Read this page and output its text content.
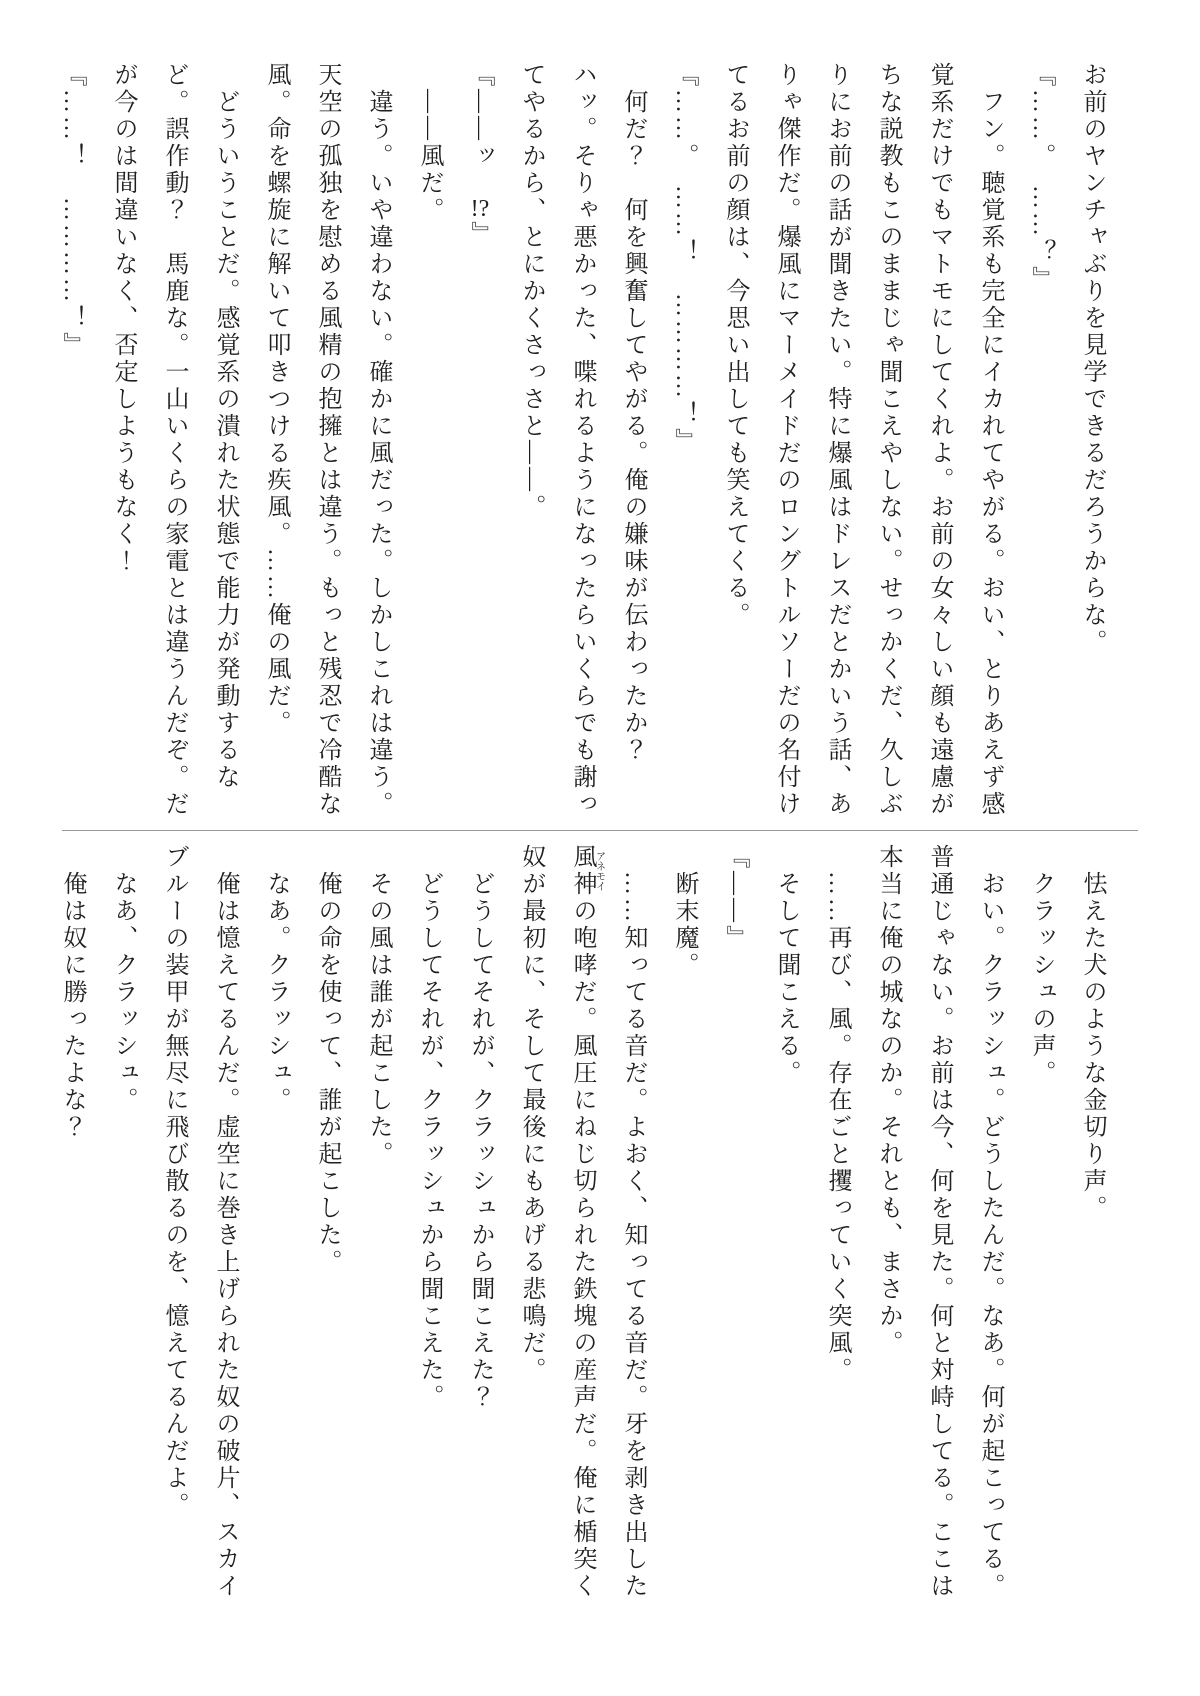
お前のヤンチャぶりを見学できるだろうからな。

『……。　……？』

フン。聴覚系も完全にイカれてやがる。おい、とりあえず感覚系だけでもマトモにしてくれよ。お前の女々しい顔も遠慮がちな説教もこのままじゃ聞こえやしない。せっかくだ、久しぶりにお前の話が聞きたい。特に爆風はドレスだとかいう話、ありゃ傑作だ。爆風にマーメイドだのロングトルソーだの名付けてるお前の顔は、今思い出しても笑えてくる。

『……。　……！　…………！』

何だ？　何を興奮してやがる。俺の嫌味が伝わったか？

ハッ。そりゃ悪かった、喋れるようになったらいくらでも謝ってやるから、とにかくさっさと――。

『――ッ　!?』

――風だ。

違う。いや違わない。確かに風だった。しかしこれは違う。天空の孤独を慰める風精の抱擁とは違う。もっと残忍で冷酷な風。命を螺旋に解いて叩きつける疾風。……俺の風だ。

どういうことだ。感覚系の潰れた状態で能力が発動するなど。誤作動？　馬鹿な。一山いくらの家電とは違うんだぞ。だが今のは間違いなく、否定しようもなく！

『……！　…………！』

怯えた犬のような金切り声。

クラッシュの声。

おい。クラッシュ。どうしたんだ。なあ。何が起こってる。普通じゃない。お前は今、何を見た。何と対峙してる。ここは本当に俺の城なのか。それとも、まさか。

……再び、風。存在ごと攫っていく突風。

そして聞こえる。

『――』

断末魔。

……知ってる音だ。よおく、知ってる音だ。牙を剥き出した風神アネモイの咆哮だ。風圧にねじ切られた鉄塊の産声だ。俺に楯突く奴が最初に、そして最後にもあげる悲鳴だ。

どうしてそれが、クラッシュから聞こえた？

どうしてそれが、クラッシュから聞こえた。

その風は誰が起こした。

俺の命を使って、誰が起こした。

なあ。クラッシュ。

俺は憶えてるんだ。虚空に巻き上げられた奴の破片、スカイブルーの装甲が無尽に飛び散るのを、憶えてるんだよ。

なあ、クラッシュ。

俺は奴に勝ったよな？
